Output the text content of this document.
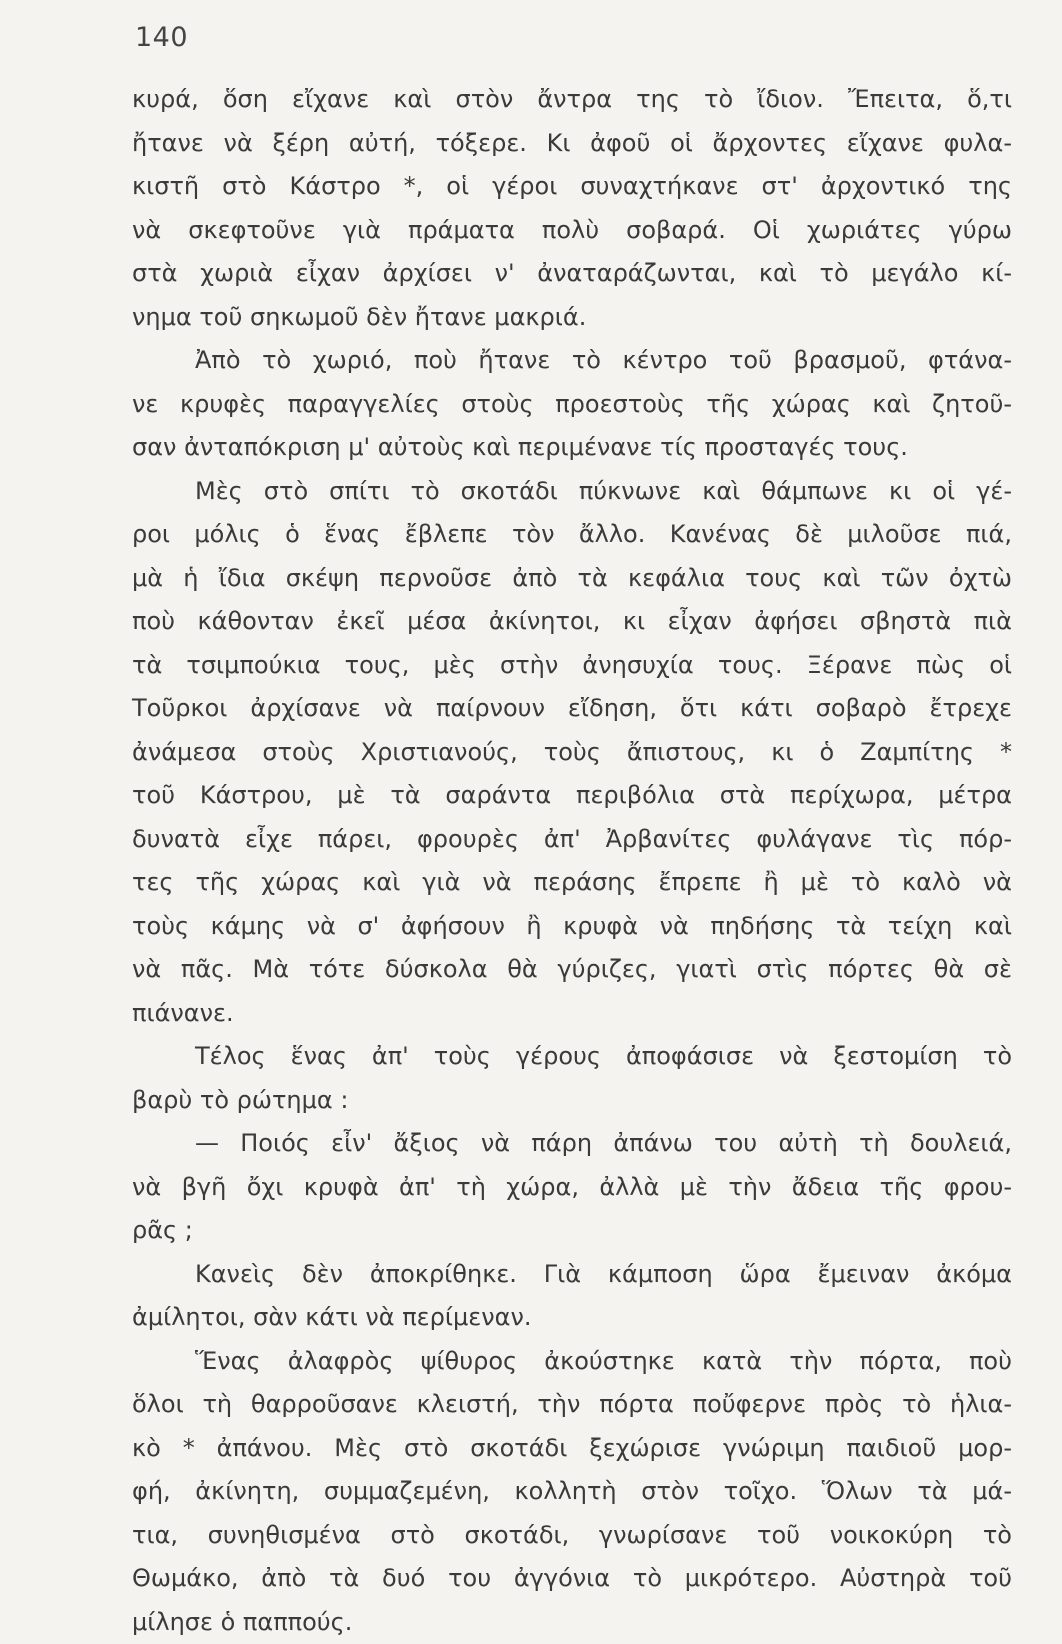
140
κυρά, ὅση εἴχανε καὶ στὸν ἄντρα της τὸ ἴδιον. Ἔπειτα, ὅ,τι
ἤτανε νὰ ξέρη αὐτή, τόξερε. Κι ἀφοῦ οἱ ἄρχοντες εἴχανε φυλα-
κιστῆ στὸ Κάστρο *, οἱ γέροι συναχτήκανε στ' ἀρχοντικό της
νὰ σκεφτοῦνε γιὰ πράματα πολὺ σοβαρά. Οἱ χωριάτες γύρω
στὰ χωριὰ εἶχαν ἀρχίσει ν' ἀναταράζωνται, καὶ τὸ μεγάλο κί-
νημα τοῦ σηκωμοῦ δὲν ἤτανε μακριά.
Ἀπὸ τὸ χωριό, ποὺ ἤτανε τὸ κέντρο τοῦ βρασμοῦ, φτάνα-
νε κρυφὲς παραγγελίες στοὺς προεστοὺς τῆς χώρας καὶ ζητοῦ-
σαν ἀνταπόκριση μ' αὐτοὺς καὶ περιμένανε τίς προσταγές τους.
Μὲς στὸ σπίτι τὸ σκοτάδι πύκνωνε καὶ θάμπωνε κι οἱ γέ-
ροι μόλις ὁ ἕνας ἔβλεπε τὸν ἄλλο. Κανένας δὲ μιλοῦσε πιά,
μὰ ἡ ἴδια σκέψη περνοῦσε ἀπὸ τὰ κεφάλια τους καὶ τῶν ὀχτὼ
ποὺ κάθονταν ἐκεῖ μέσα ἀκίνητοι, κι εἶχαν ἀφήσει σβηστὰ πιὰ
τὰ τσιμπούκια τους, μὲς στὴν ἀνησυχία τους. Ξέρανε πὼς οἱ
Τοῦρκοι ἀρχίσανε νὰ παίρνουν εἴδηση, ὅτι κάτι σοβαρὸ ἔτρεχε
ἀνάμεσα στοὺς Χριστιανούς, τοὺς ἄπιστους, κι ὁ Ζαμπίτης *
τοῦ Κάστρου, μὲ τὰ σαράντα περιβόλια στὰ περίχωρα, μέτρα
δυνατὰ εἶχε πάρει, φρουρὲς ἀπ' Ἀρβανίτες φυλάγανε τὶς πόρ-
τες τῆς χώρας καὶ γιὰ νὰ περάσης ἔπρεπε ἢ μὲ τὸ καλὸ νὰ
τοὺς κάμης νὰ σ' ἀφήσουν ἢ κρυφὰ νὰ πηδήσης τὰ τείχη καὶ
νὰ πᾶς. Μὰ τότε δύσκολα θὰ γύριζες, γιατὶ στὶς πόρτες θὰ σὲ
πιάνανε.
Τέλος ἕνας ἀπ' τοὺς γέρους ἀποφάσισε νὰ ξεστομίση τὸ
βαρὺ τὸ ρώτημα :
— Ποιός εἶν' ἄξιος νὰ πάρη ἀπάνω του αὐτὴ τὴ δουλειά,
νὰ βγῆ ὄχι κρυφὰ ἀπ' τὴ χώρα, ἀλλὰ μὲ τὴν ἄδεια τῆς φρου-
ρᾶς ;
Κανεὶς δὲν ἀποκρίθηκε. Γιὰ κάμποση ὥρα ἔμειναν ἀκόμα
ἀμίλητοι, σὰν κάτι νὰ περίμεναν.
Ἕνας ἀλαφρὸς ψίθυρος ἀκούστηκε κατὰ τὴν πόρτα, ποὺ
ὅλοι τὴ θαρροῦσανε κλειστή, τὴν πόρτα ποὔφερνε πρὸς τὸ ἡλια-
κὸ * ἀπάνου. Μὲς στὸ σκοτάδι ξεχώρισε γνώριμη παιδιοῦ μορ-
φή, ἀκίνητη, συμμαζεμένη, κολλητὴ στὸν τοῖχο. Ὅλων τὰ μά-
τια, συνηθισμένα στὸ σκοτάδι, γνωρίσανε τοῦ νοικοκύρη τὸ
Θωμάκο, ἀπὸ τὰ δυό του ἀγγόνια τὸ μικρότερο. Αὐστηρὰ τοῦ
μίλησε ὁ παππούς.
